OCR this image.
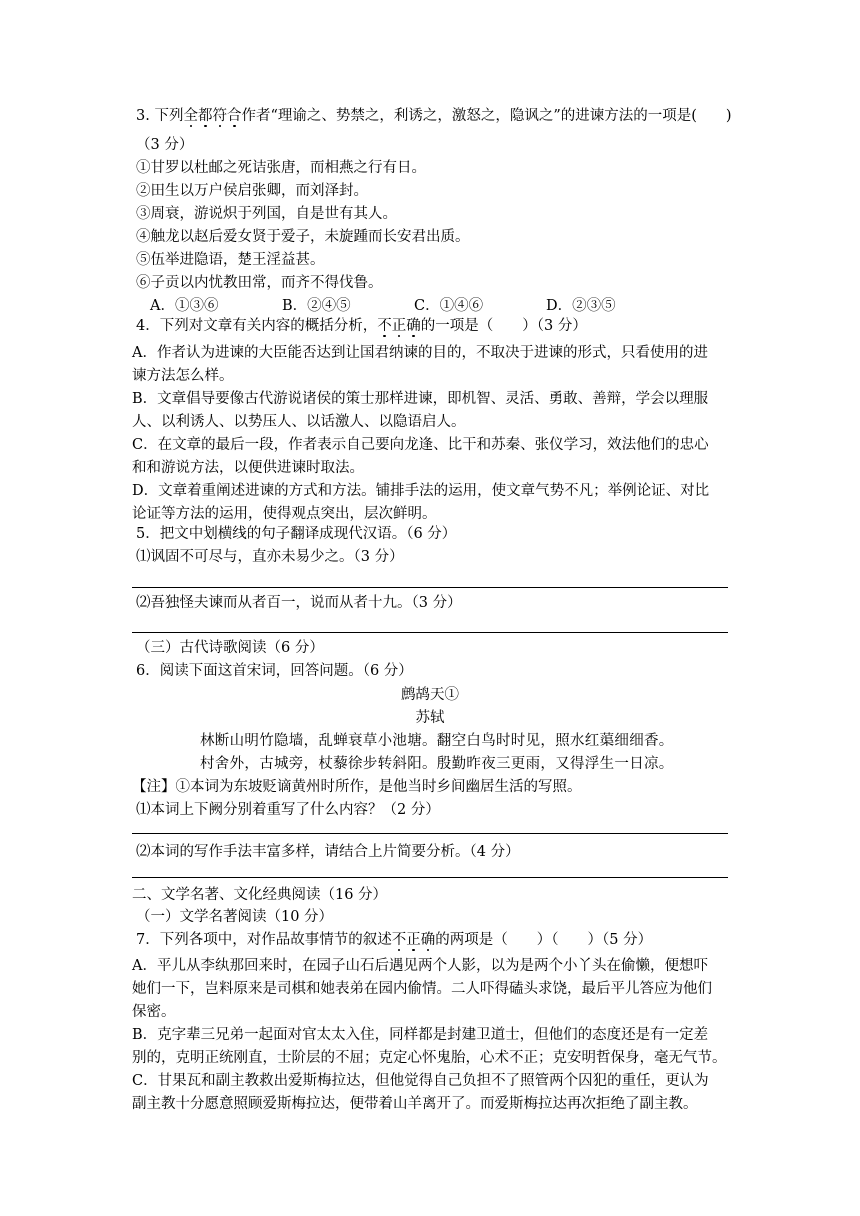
3. 下列全都符合作者“理谕之、势禁之，利诱之，激怒之，隐讽之”的进谏方法的一项是(　　)
（3 分）
①甘罗以杜邮之死诘张唐，而相燕之行有日。
②田生以万户侯启张卿，而刘泽封。
③周衰，游说炽于列国，自是世有其人。
④触龙以赵后爱女贤于爱子，未旋踵而长安君出质。
⑤伍举进隐语，楚王淫益甚。
⑥子贡以内忧教田常，而齐不得伐鲁。
A．①③⑥	B．②④⑤	C．①④⑥	D．②③⑤
4．下列对文章有关内容的概括分析，不正确的一项是（　　）（3 分）
A．作者认为进谏的大臣能否达到让国君纳谏的目的，不取决于进谏的形式，只看使用的进
谏方法怎么样。
B．文章倡导要像古代游说诸侯的策士那样进谏，即机智、灵活、勇敢、善辩，学会以理服
人、以利诱人、以势压人、以话激人、以隐语启人。
C．在文章的最后一段，作者表示自己要向龙逢、比干和苏秦、张仪学习，效法他们的忠心
和和游说方法，以便供进谏时取法。
D．文章着重阐述进谏的方式和方法。铺排手法的运用，使文章气势不凡；举例论证、对比
论证等方法的运用，使得观点突出，层次鲜明。
5．把文中划横线的句子翻译成现代汉语。（6 分）
⑴讽固不可尽与，直亦未易少之。（3 分）
⑵吾独怪夫谏而从者百一，说而从者十九。（3 分）
（三）古代诗歌阅读（6 分）
6．阅读下面这首宋词，回答问题。（6 分）
鹧鸪天①
苏轼
林断山明竹隐墙，乱蝉衰草小池塘。翻空白鸟时时见，照水红蕖细细香。
村舍外，古城旁，杖藜徐步转斜阳。殷勤昨夜三更雨，又得浮生一日凉。
【注】①本词为东坡贬谪黄州时所作，是他当时乡间幽居生活的写照。
⑴本词上下阙分别着重写了什么内容？（2 分）
⑵本词的写作手法丰富多样，请结合上片简要分析。（4 分）
二、文学名著、文化经典阅读（16 分）
（一）文学名著阅读（10 分）
7．下列各项中，对作品故事情节的叙述不正确的两项是（　　）（　　）（5 分）
A．平儿从李纨那回来时，在园子山石后遇见两个人影，以为是两个小丫头在偷懒，便想吓
她们一下，岂料原来是司棋和她表弟在园内偷情。二人吓得磕头求饶，最后平儿答应为他们
保密。
B．克字辈三兄弟一起面对官太太入住，同样都是封建卫道士，但他们的态度还是有一定差
别的，克明正统刚直，士阶层的不屈；克定心怀鬼胎，心术不正；克安明哲保身，毫无气节。
C．甘果瓦和副主教救出爱斯梅拉达，但他觉得自己负担不了照管两个囚犯的重任，更认为
副主教十分愿意照顾爱斯梅拉达，便带着山羊离开了。而爱斯梅拉达再次拒绝了副主教。
